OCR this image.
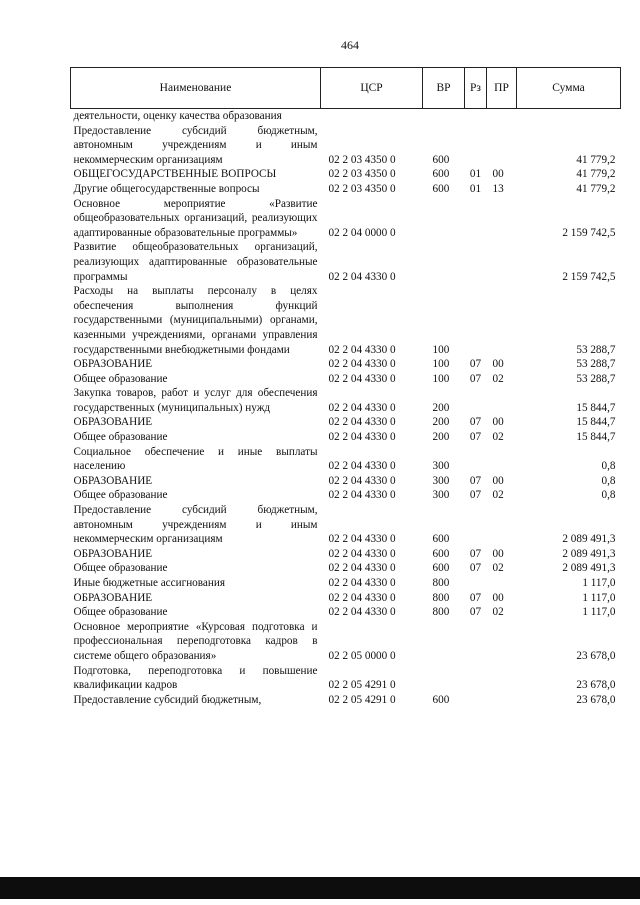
464
Наименование	ЦСР	ВР	Рз	ПР	Сумма
деятельности, оценку качества образования					
Предоставление субсидий бюджетным, автономным учреждениям и иным некоммерческим организациям	02 2 03 4350 0	600			41 779,2
ОБЩЕГОСУДАРСТВЕННЫЕ ВОПРОСЫ	02 2 03 4350 0	600	01	00	41 779,2
Другие общегосударственные вопросы	02 2 03 4350 0	600	01	13	41 779,2
Основное мероприятие «Развитие общеобразовательных организаций, реализующих адаптированные образовательные программы»	02 2 04 0000 0				2 159 742,5
Развитие общеобразовательных организаций, реализующих адаптированные образовательные программы	02 2 04 4330 0				2 159 742,5
Расходы на выплаты персоналу в целях обеспечения выполнения функций государственными (муниципальными) органами, казенными учреждениями, органами управления государственными внебюджетными фондами	02 2 04 4330 0	100			53 288,7
ОБРАЗОВАНИЕ	02 2 04 4330 0	100	07	00	53 288,7
Общее образование	02 2 04 4330 0	100	07	02	53 288,7
Закупка товаров, работ и услуг для обеспечения государственных (муниципальных) нужд	02 2 04 4330 0	200			15 844,7
ОБРАЗОВАНИЕ	02 2 04 4330 0	200	07	00	15 844,7
Общее образование	02 2 04 4330 0	200	07	02	15 844,7
Социальное обеспечение и иные выплаты населению	02 2 04 4330 0	300			0,8
ОБРАЗОВАНИЕ	02 2 04 4330 0	300	07	00	0,8
Общее образование	02 2 04 4330 0	300	07	02	0,8
Предоставление субсидий бюджетным, автономным учреждениям и иным некоммерческим организациям	02 2 04 4330 0	600			2 089 491,3
ОБРАЗОВАНИЕ	02 2 04 4330 0	600	07	00	2 089 491,3
Общее образование	02 2 04 4330 0	600	07	02	2 089 491,3
Иные бюджетные ассигнования	02 2 04 4330 0	800			1 117,0
ОБРАЗОВАНИЕ	02 2 04 4330 0	800	07	00	1 117,0
Общее образование	02 2 04 4330 0	800	07	02	1 117,0
Основное мероприятие «Курсовая подготовка и профессиональная переподготовка кадров в системе общего образования»	02 2 05 0000 0				23 678,0
Подготовка, переподготовка и повышение квалификации кадров	02 2 05 4291 0				23 678,0
Предоставление субсидий бюджетным,	02 2 05 4291 0	600			23 678,0
